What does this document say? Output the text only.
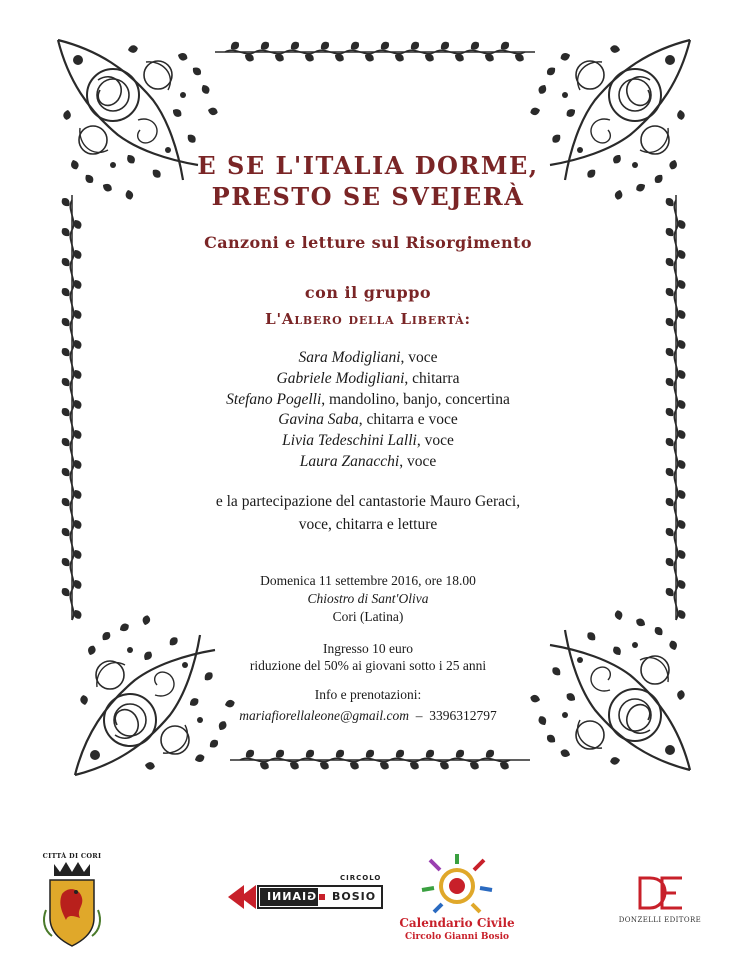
E SE L'ITALIA DORME,
PRESTO SE SVEJERÀ
Canzoni e letture sul Risorgimento
con il gruppo
L'Albero della Libertà:
Sara Modigliani, voce
Gabriele Modigliani, chitarra
Stefano Pogelli, mandolino, banjo, concertina
Gavina Saba, chitarra e voce
Livia Tedeschini Lalli, voce
Laura Zanacchi, voce
e la partecipazione del cantastorie Mauro Geraci,
voce, chitarra e letture
Domenica 11 settembre 2016, ore 18.00
Chiostro di Sant'Oliva
Cori (Latina)
Ingresso 10 euro
riduzione del 50% ai giovani sotto i 25 anni
Info e prenotazioni:
mariafiorellaleone@gmail.com  –  3396312797
CITTÀ DI CORI
CIRCOLO
GIANNI BOSIO
Calendario Civile
Circolo Gianni Bosio
DONZELLI EDITORE
